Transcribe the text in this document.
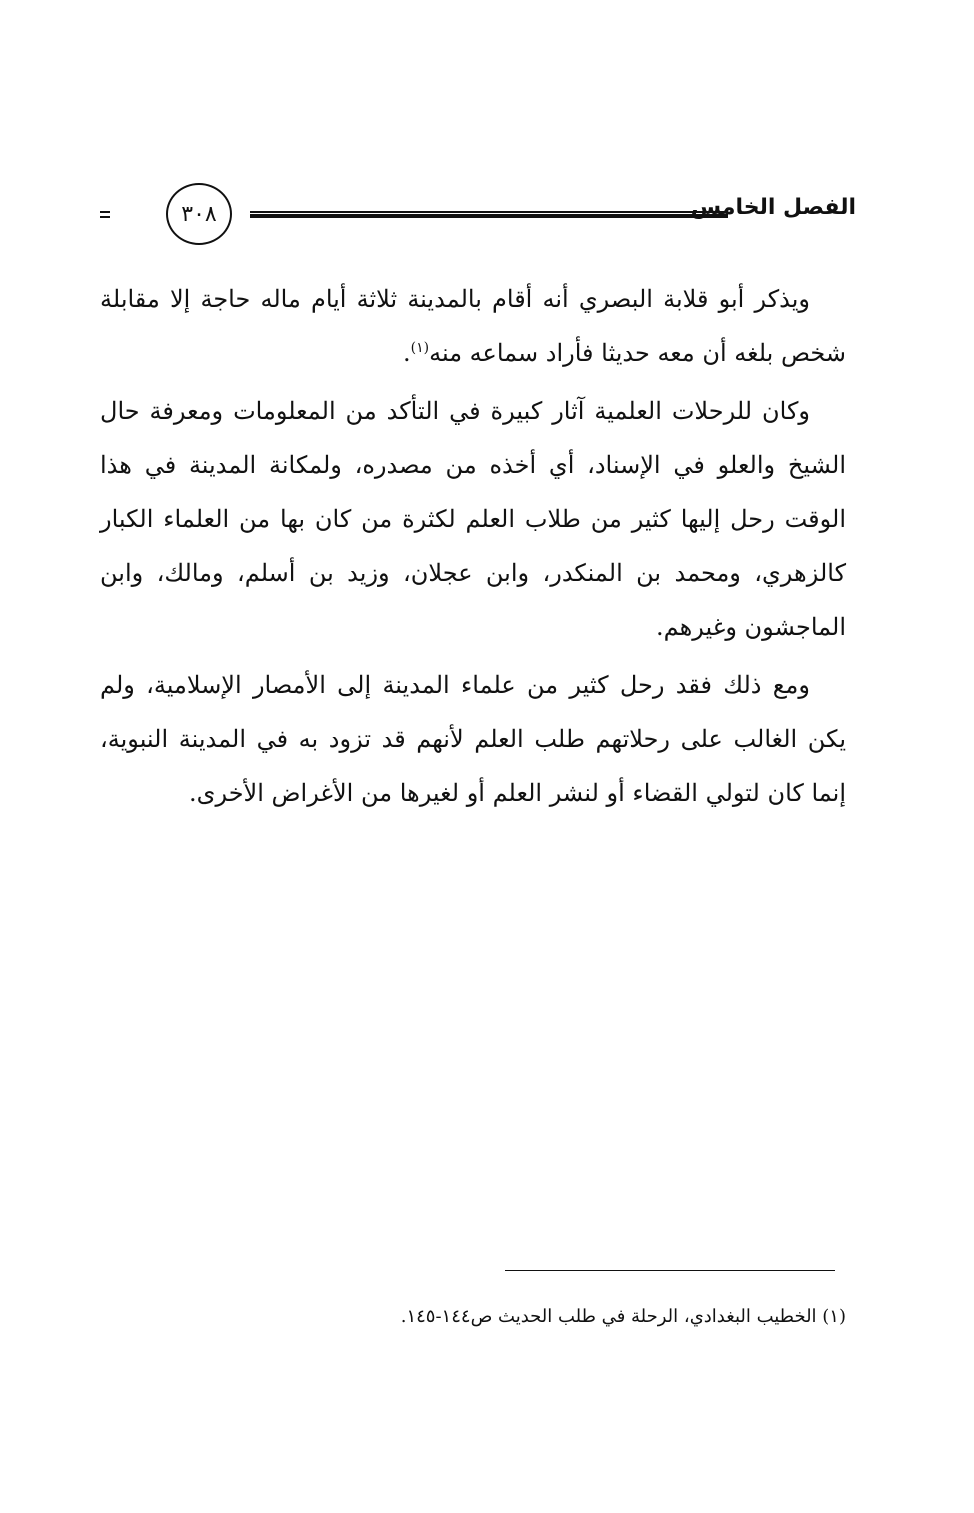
٣٠٨	الفصل الخامس

ويذكر أبو قلابة البصري أنه أقام بالمدينة ثلاثة أيام ماله حاجة إلا مقابلة شخص بلغه أن معه حديثا فأراد سماعه منه$^{(١)}$.

وكان للرحلات العلمية آثار كبيرة في التأكد من المعلومات ومعرفة حال الشيخ والعلو في الإسناد، أي أخذه من مصدره، ولمكانة المدينة في هذا الوقت رحل إليها كثير من طلاب العلم لكثرة من كان بها من العلماء الكبار كالزهري، ومحمد بن المنكدر، وابن عجلان، وزيد بن أسلم، ومالك، وابن الماجشون وغيرهم.

ومع ذلك فقد رحل كثير من علماء المدينة إلى الأمصار الإسلامية، ولم يكن الغالب على رحلاتهم طلب العلم لأنهم قد تزود به في المدينة النبوية، إنما كان لتولي القضاء أو لنشر العلم أو لغيرها من الأغراض الأخرى.

(١) الخطيب البغدادي، الرحلة في طلب الحديث ص١٤٤-١٤٥.
